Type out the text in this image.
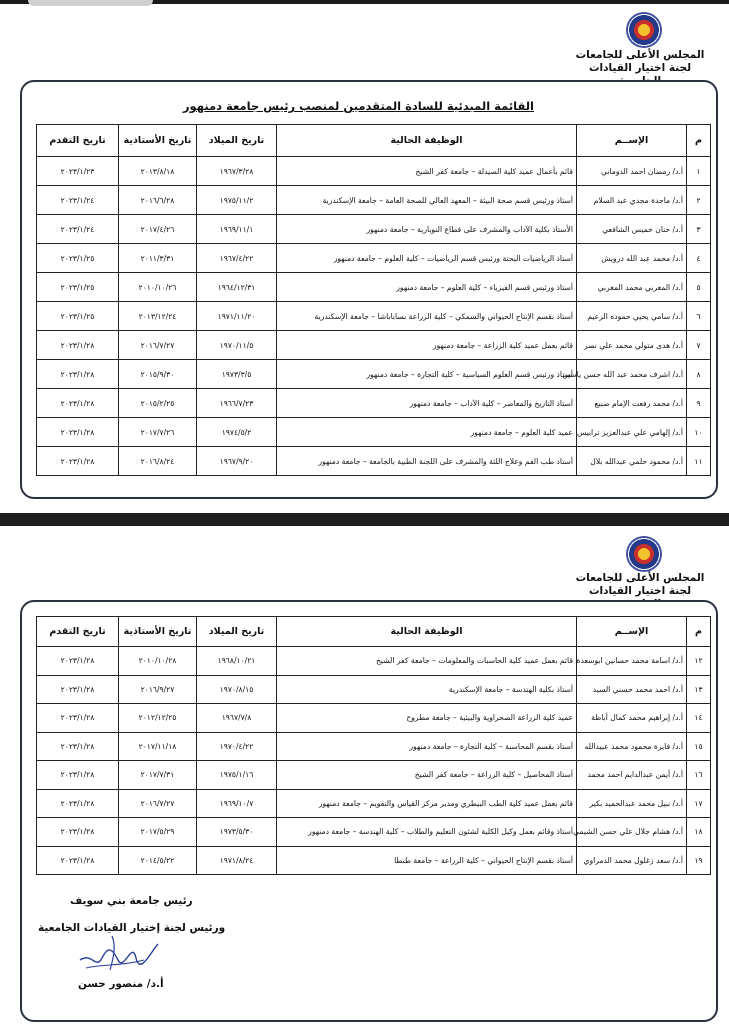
المجلس الأعلى للجامعات
لجنة اختيار القيادات
القائمة المبدئية للسادة المتقدمين لمنصب رئيس جامعة دمنهور
م	الإســم	الوظيفة الحالية	تاريخ الميلاد	تاريخ الأستاذية	تاريخ التقدم
١	أ.د/ رمضان احمد الدوماني	قائم بأعمال عميد كلية الصيدلة – جامعة كفر الشيخ	١٩٦٧/٣/٢٨	٢٠١٣/٨/١٨	٢٠٢٣/١/٢٣
٢	أ.د/ ماجدة مجدي عبد السلام	أستاذ ورئيس قسم صحة البيئة – المعهد العالي للصحة العامة – جامعة الإسكندرية	١٩٧٥/١١/٢	٢٠١٦/٦/٢٨	٢٠٢٣/١/٢٤
٣	أ.د/ حنان خميس الشافعي	الأستاذ بكلية الآداب والمشرف على قطاع النوبارية – جامعة دمنهور	١٩٦٩/١١/١	٢٠١٧/٤/٢٦	٢٠٢٣/١/٢٤
٤	أ.د/ محمد عبد الله درويش	أستاذ الرياضيات البحتة ورئيس قسم الرياضيات – كلية العلوم – جامعة دمنهور	١٩٦٧/٤/٢٢	٢٠١١/٣/٣١	٢٠٢٣/١/٢٥
٥	أ.د/ المغربي محمد المغربي	أستاذ ورئيس قسم الفيزياء – كلية العلوم – جامعة دمنهور	١٩٦٤/١٢/٣١	٢٠١٠/١٠/٢٦	٢٠٢٣/١/٢٥
٦	أ.د/ سامي يحيي حموده الزعيم	أستاذ بقسم الإنتاج الحيواني والسمكي – كلية الزراعة بساباباشا – جامعة الإسكندرية	١٩٧١/١١/٢٠	٢٠١٣/١٢/٢٤	٢٠٢٣/١/٢٥
٧	أ.د/ هدى متولي محمد علي نصر	قائم بعمل عميد كلية الزراعة – جامعة دمنهور	١٩٧٠/١١/٥	٢٠١٦/٧/٢٧	٢٠٢٣/١/٢٨
٨	أ.د/ اشرف محمد عبد الله حسن ياسين	أستاذ ورئيس قسم العلوم السياسية – كلية التجارة – جامعة دمنهور	١٩٧٣/٣/٥	٢٠١٥/٩/٣٠	٢٠٢٣/١/٢٨
٩	أ.د/ محمد رفعت الإمام ضبيع	أستاذ التاريخ والمعاصر – كلية الآداب – جامعة دمنهور	١٩٦٦/٧/٢٣	٢٠١٥/٢/٢٥	٢٠٢٣/١/٢٨
١٠	أ.د/ إلهامي علي عبدالعزيز ترابيس	عميد كلية العلوم – جامعة دمنهور	١٩٧٤/٥/٢	٢٠١٧/٧/٢٦	٢٠٢٣/١/٢٨
١١	أ.د/ محمود حلمي عبدالله بلال	أستاذ طب الفم وعلاج اللثة والمشرف على اللجنة الطبية بالجامعة – جامعة دمنهور	١٩٦٧/٩/٢٠	٢٠١٦/٨/٢٤	٢٠٢٣/١/٢٨
المجلس الأعلى للجامعات
لجنة اختيار القيادات
م	الإســم	الوظيفة الحالية	تاريخ الميلاد	تاريخ الأستاذية	تاريخ التقدم
١٢	أ.د/ اسامة محمد حسانين ابوسعدة	قائم بعمل عميد كلية الحاسبات والمعلومات – جامعة كفر الشيخ	١٩٦٨/١٠/٢١	٢٠١٠/١٠/٢٨	٢٠٢٣/١/٢٨
١٣	أ.د/ احمد محمد حسني السيد	أستاذ بكلية الهندسة – جامعة الإسكندرية	١٩٧٠/٨/١٥	٢٠١٦/٩/٢٧	٢٠٢٣/١/٢٨
١٤	أ.د/ إبراهيم محمد كمال أباظة	عميد كلية الزراعة الصحراوية والبيئية – جامعة مطروح	١٩٦٧/٧/٨	٢٠١٢/١٢/٢٥	٢٠٢٣/١/٢٨
١٥	أ.د/ فايزة محمود محمد عبيدالله	أستاذ بقسم المحاسبة – كلية التجارة – جامعة دمنهور	١٩٧٠/٤/٢٢	٢٠١٧/١١/١٨	٢٠٢٣/١/٢٨
١٦	أ.د/ أيمن عبدالدايم احمد محمد	أستاذ المحاصيل – كلية الزراعة – جامعة كفر الشيخ	١٩٧٥/١/١٦	٢٠١٧/٧/٣١	٢٠٢٣/١/٢٨
١٧	أ.د/ نبيل محمد عبدالحميد بكير	قائم بعمل عميد كلية الطب البيطري ومدير مركز القياس والتقويم – جامعة دمنهور	١٩٦٩/١٠/٧	٢٠١٦/٧/٢٧	٢٠٢٣/١/٢٨
١٨	أ.د/ هشام جلال علي حسن الشيمي	أستاذ وقائم بعمل وكيل الكلية لشئون التعليم والطلاب – كلية الهندسة – جامعة دمنهور	١٩٧٣/٥/٣٠	٢٠١٧/٥/٢٩	٢٠٢٣/١/٢٨
١٩	أ.د/ سعد زغلول محمد الدمراوي	أستاذ بقسم الإنتاج الحيواني – كلية الزراعة – جامعة طنطا	١٩٧١/٨/٢٤	٢٠١٤/٥/٢٢	٢٠٢٣/١/٢٨
رئيس جامعة بني سويف
ورئيس لجنة إختيار القيادات الجامعية
أ.د/ منصور حسن
